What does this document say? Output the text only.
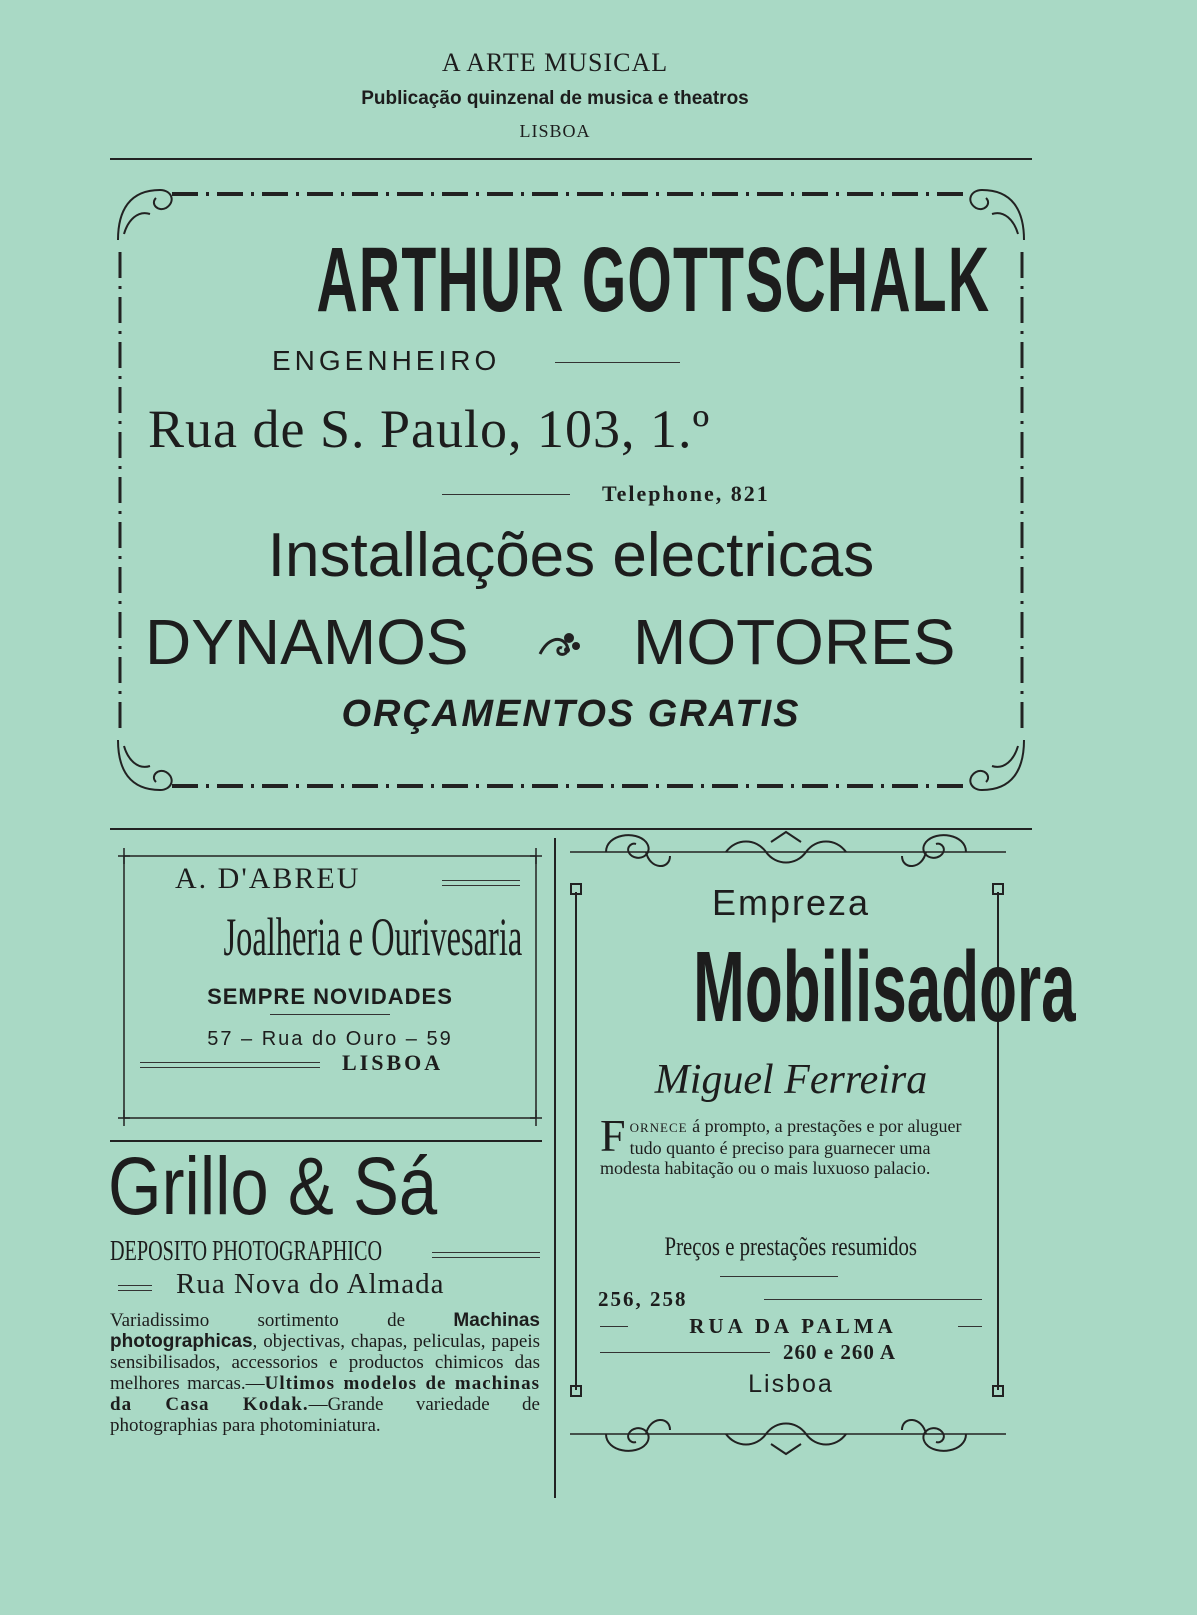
A ARTE MUSICAL
Publicação quinzenal de musica e theatros
LISBOA
ARTHUR GOTTSCHALK
ENGENHEIRO
Rua de S. Paulo, 103, 1.º
Telephone, 821
Installações electricas
DYNAMOS	MOTORES
ORÇAMENTOS GRATIS
A. D'ABREU
Joalheria e Ourivesaria
SEMPRE NOVIDADES
57 – Rua do Ouro – 59
LISBOA
Grillo & Sá
DEPOSITO PHOTOGRAPHICO
Rua Nova do Almada
Variadissimo sortimento de Machinas photographicas, objectivas, chapas, peliculas, papeis sensibilisados, accessorios e productos chimicos das melhores marcas.—Ultimos modelos de machinas da Casa Kodak.—Grande variedade de photographias para photominiatura.
Empreza
Mobilisadora
Miguel Ferreira
FORNECE á prompto, a prestações e por aluguer tudo quanto é preciso para guarnecer uma modesta habitação ou o mais luxuoso palacio.
Preços e prestações resumidos
256, 258
RUA DA PALMA
260 e 260 A
Lisboa
